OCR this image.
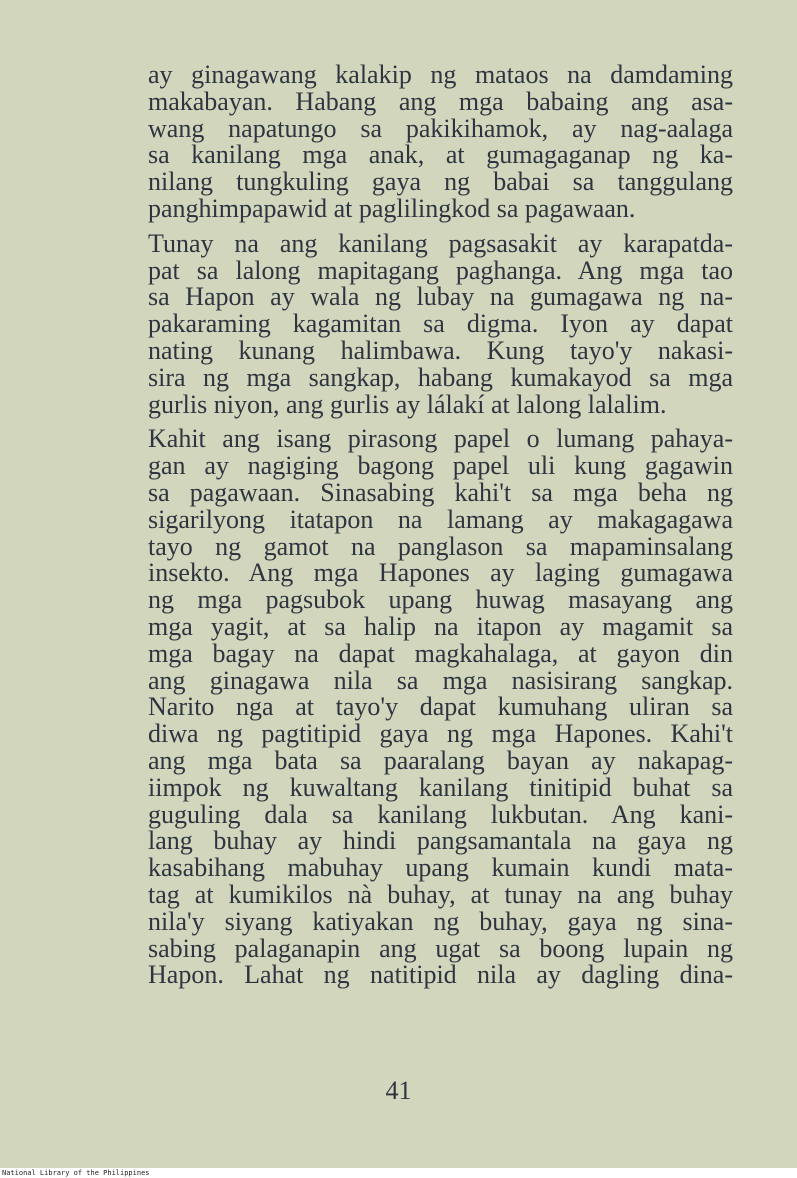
ay ginagawang kalakip ng mataos na damdaming
makabayan. Habang ang mga babaing ang asa-
wang napatungo sa pakikihamok, ay nag-aalaga
sa kanilang mga anak, at gumagaganap ng ka-
nilang tungkuling gaya ng babai sa tanggulang
panghimpapawid at paglilingkod sa pagawaan.
Tunay na ang kanilang pagsasakit ay karapatda-
pat sa lalong mapitagang paghanga. Ang mga tao
sa Hapon ay wala ng lubay na gumagawa ng na-
pakaraming kagamitan sa digma. Iyon ay dapat
nating kunang halimbawa. Kung tayo'y nakasi-
sira ng mga sangkap, habang kumakayod sa mga
gurlis niyon, ang gurlis ay lálakí at lalong lalalim.
Kahit ang isang pirasong papel o lumang pahaya-
gan ay nagiging bagong papel uli kung gagawin
sa pagawaan. Sinasabing kahi't sa mga beha ng
sigarilyong itatapon na lamang ay makagagawa
tayo ng gamot na panglason sa mapaminsalang
insekto. Ang mga Hapones ay laging gumagawa
ng mga pagsubok upang huwag masayang ang
mga yagit, at sa halip na itapon ay magamit sa
mga bagay na dapat magkahalaga, at gayon din
ang ginagawa nila sa mga nasisirang sangkap.
Narito nga at tayo'y dapat kumuhang uliran sa
diwa ng pagtitipid gaya ng mga Hapones. Kahi't
ang mga bata sa paaralang bayan ay nakapag-
iimpok ng kuwaltang kanilang tinitipid buhat sa
guguling dala sa kanilang lukbutan. Ang kani-
lang buhay ay hindi pangsamantala na gaya ng
kasabihang mabuhay upang kumain kundi mata-
tag at kumikilos nà buhay, at tunay na ang buhay
nila'y siyang katiyakan ng buhay, gaya ng sina-
sabing palaganapin ang ugat sa boong lupain ng
Hapon. Lahat ng natitipid nila ay dagling dina-
41
National Library of the Philippines
